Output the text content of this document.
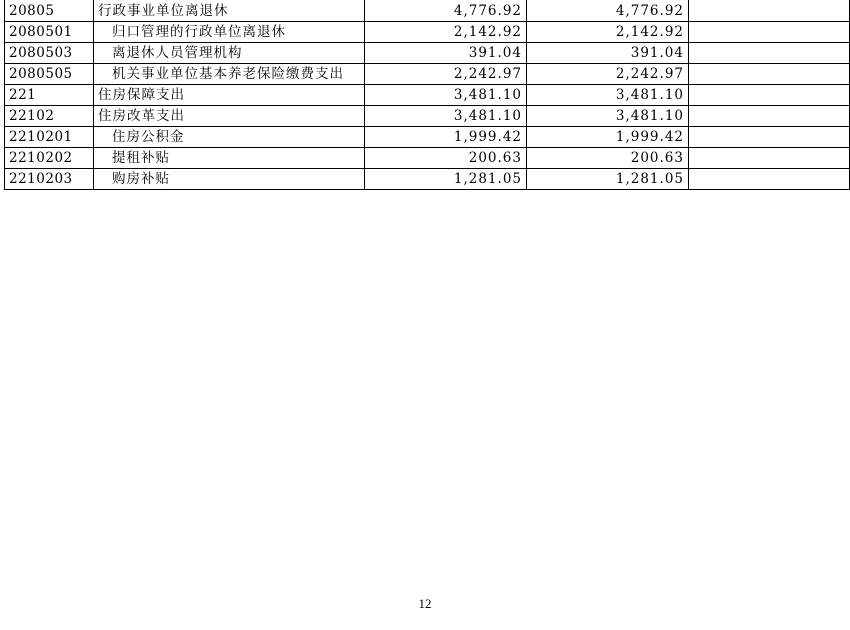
20805	行政事业单位离退休	4,776.92	4,776.92	
2080501	归口管理的行政单位离退休	2,142.92	2,142.92	
2080503	离退休人员管理机构	391.04	391.04	
2080505	机关事业单位基本养老保险缴费支出	2,242.97	2,242.97	
221	住房保障支出	3,481.10	3,481.10	
22102	住房改革支出	3,481.10	3,481.10	
2210201	住房公积金	1,999.42	1,999.42	
2210202	提租补贴	200.63	200.63	
2210203	购房补贴	1,281.05	1,281.05	
12
